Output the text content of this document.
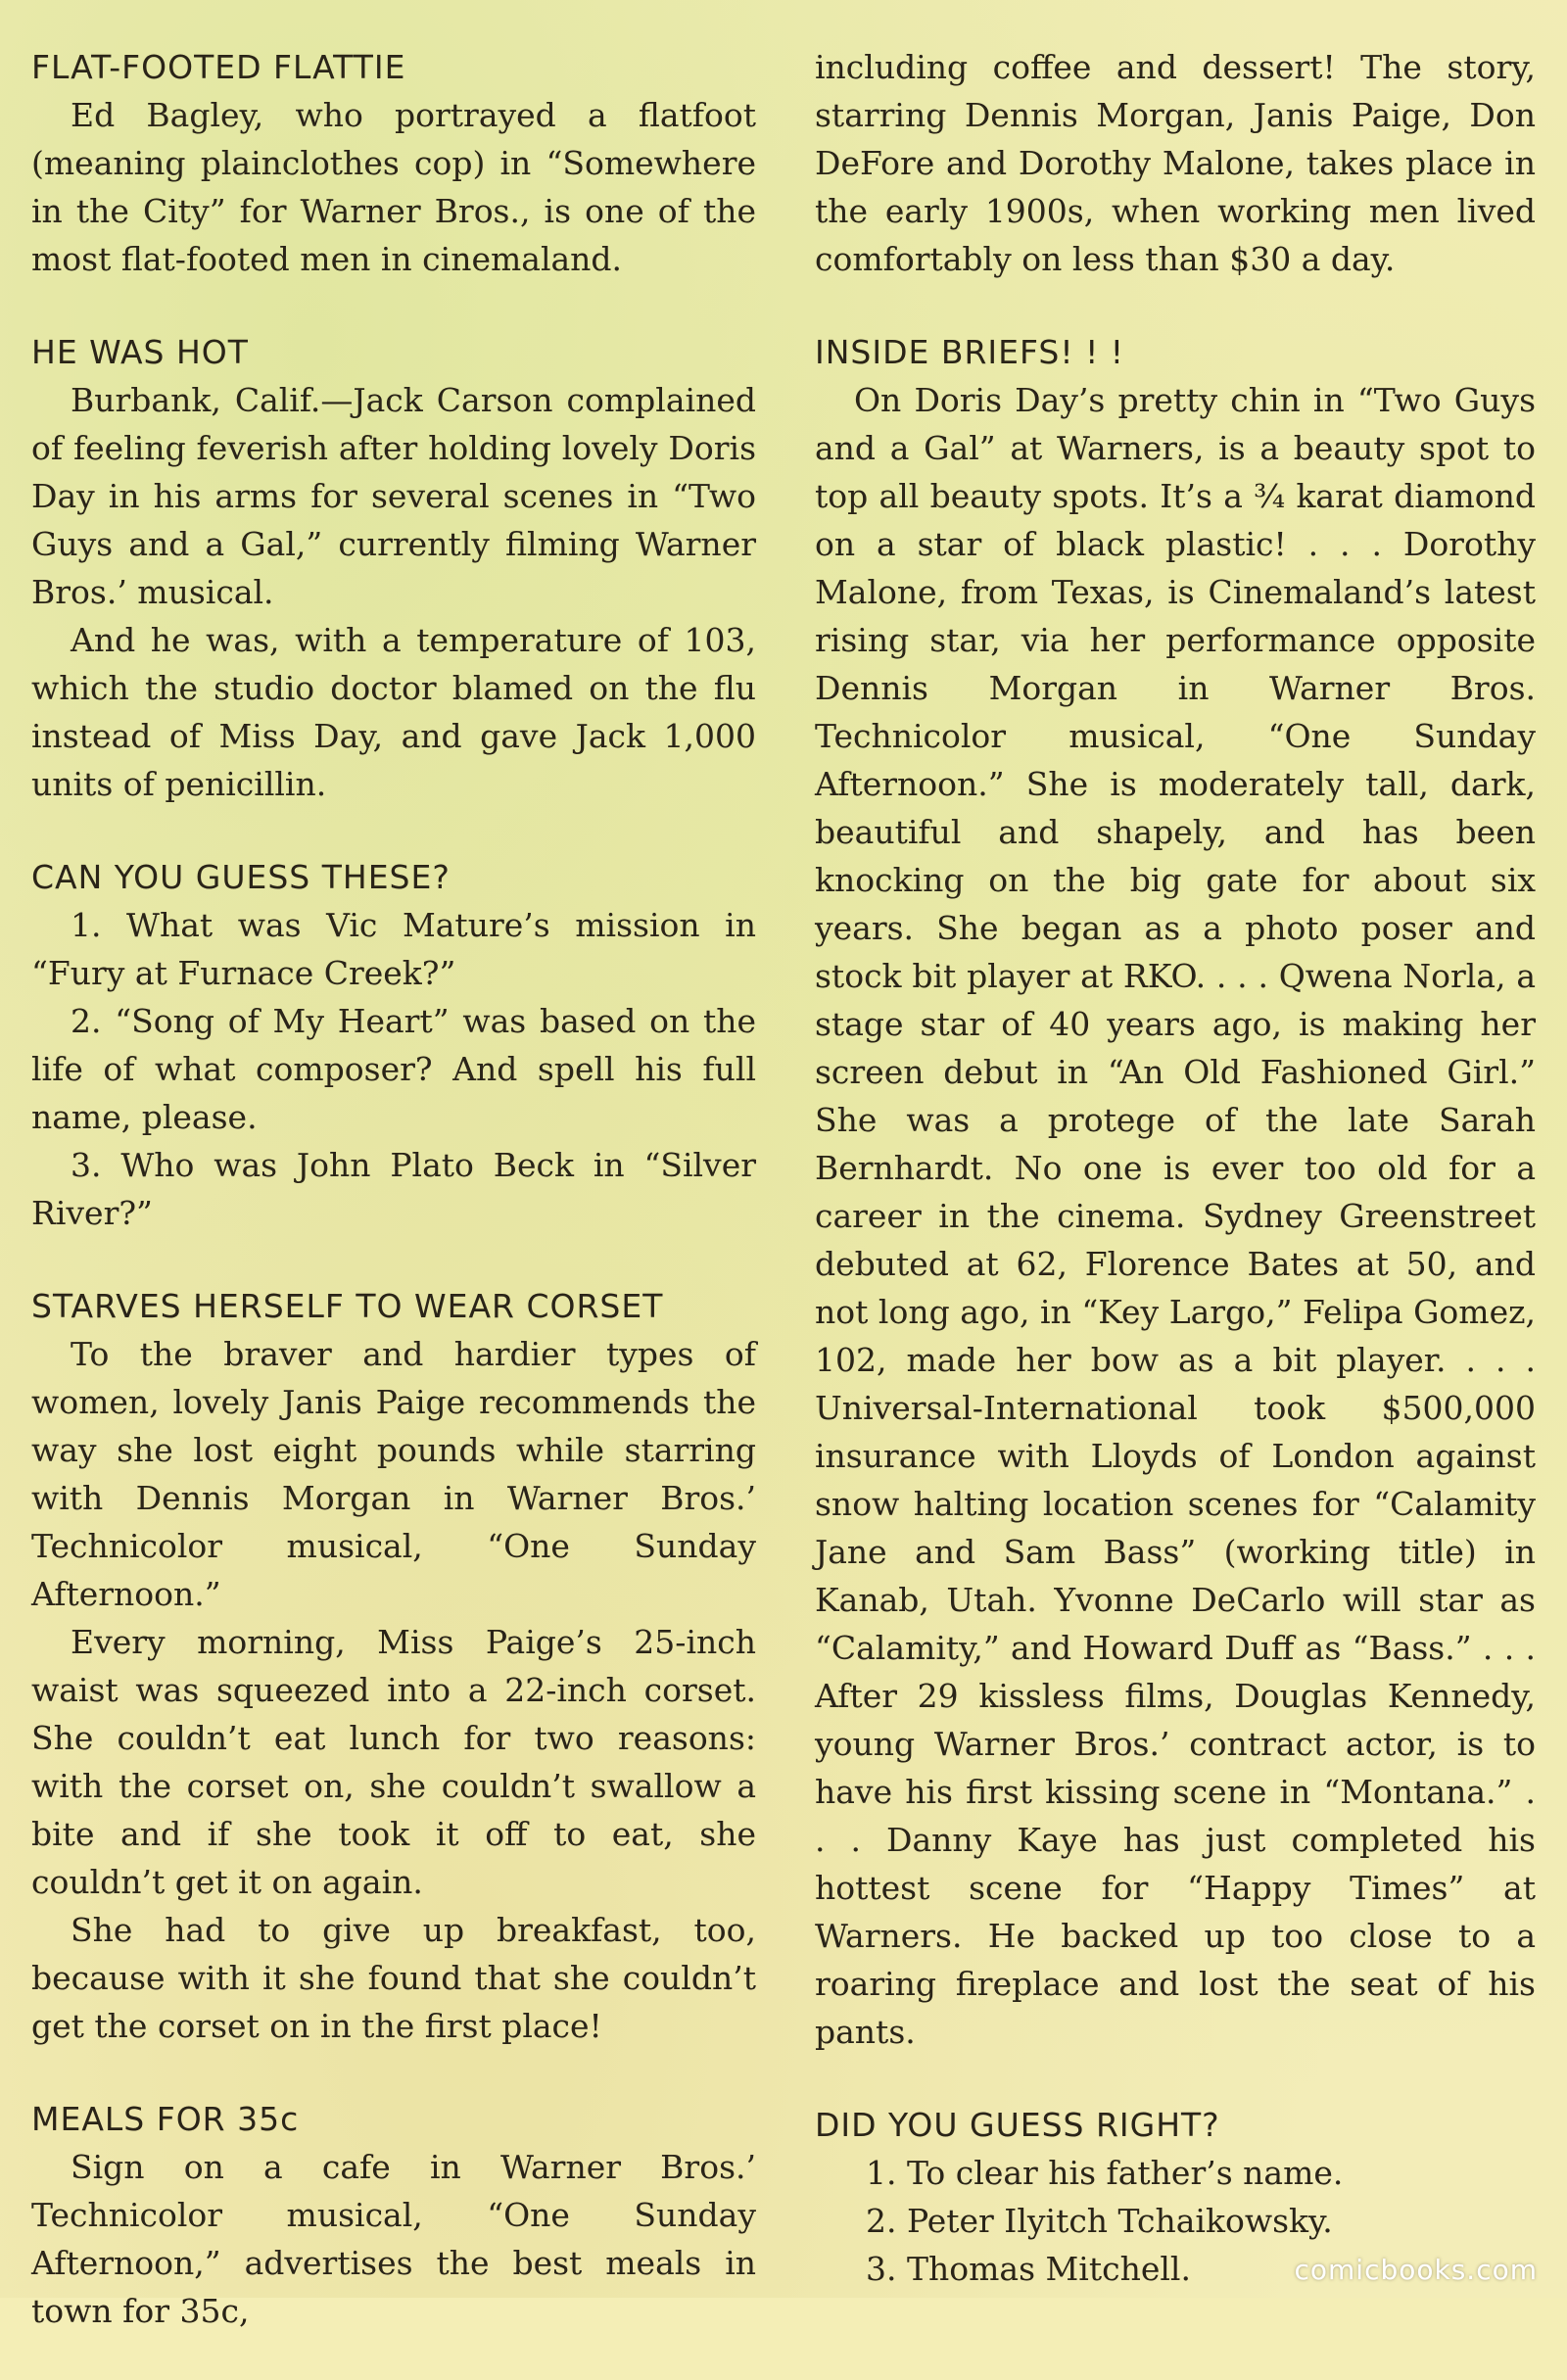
FLAT-FOOTED FLATTIE

Ed Bagley, who portrayed a flatfoot (meaning plainclothes cop) in “Somewhere in the City” for Warner Bros., is one of the most flat-footed men in cinemaland.

HE WAS HOT

Burbank, Calif.—Jack Carson complained of feeling feverish after holding lovely Doris Day in his arms for several scenes in “Two Guys and a Gal,” currently filming Warner Bros.’ musical.

And he was, with a temperature of 103, which the studio doctor blamed on the flu instead of Miss Day, and gave Jack 1,000 units of penicillin.

CAN YOU GUESS THESE?

1. What was Vic Mature’s mission in “Fury at Furnace Creek?”

2. “Song of My Heart” was based on the life of what composer? And spell his full name, please.

3. Who was John Plato Beck in “Silver River?”

STARVES HERSELF TO WEAR CORSET

To the braver and hardier types of women, lovely Janis Paige recommends the way she lost eight pounds while starring with Dennis Morgan in Warner Bros.’ Technicolor musical, “One Sunday Afternoon.”

Every morning, Miss Paige’s 25-inch waist was squeezed into a 22-inch corset. She couldn’t eat lunch for two reasons: with the corset on, she couldn’t swallow a bite and if she took it off to eat, she couldn’t get it on again.

She had to give up breakfast, too, because with it she found that she couldn’t get the corset on in the first place!

MEALS FOR 35c

Sign on a cafe in Warner Bros.’ Technicolor musical, “One Sunday Afternoon,” advertises the best meals in town for 35c,

including coffee and dessert! The story, starring Dennis Morgan, Janis Paige, Don DeFore and Dorothy Malone, takes place in the early 1900s, when working men lived comfortably on less than $30 a day.

INSIDE BRIEFS! ! !

On Doris Day’s pretty chin in “Two Guys and a Gal” at Warners, is a beauty spot to top all beauty spots. It’s a ¾ karat diamond on a star of black plastic! . . . Dorothy Malone, from Texas, is Cinemaland’s latest rising star, via her performance opposite Dennis Morgan in Warner Bros. Technicolor musical, “One Sunday Afternoon.” She is moderately tall, dark, beautiful and shapely, and has been knocking on the big gate for about six years. She began as a photo poser and stock bit player at RKO. . . . Qwena Norla, a stage star of 40 years ago, is making her screen debut in “An Old Fashioned Girl.” She was a protege of the late Sarah Bernhardt. No one is ever too old for a career in the cinema. Sydney Greenstreet debuted at 62, Florence Bates at 50, and not long ago, in “Key Largo,” Felipa Gomez, 102, made her bow as a bit player. . . . Universal-International took $500,000 insurance with Lloyds of London against snow halting location scenes for “Calamity Jane and Sam Bass” (working title) in Kanab, Utah. Yvonne DeCarlo will star as “Calamity,” and Howard Duff as “Bass.” . . . After 29 kissless films, Douglas Kennedy, young Warner Bros.’ contract actor, is to have his first kissing scene in “Montana.” . . . Danny Kaye has just completed his hottest scene for “Happy Times” at Warners. He backed up too close to a roaring fireplace and lost the seat of his pants.

DID YOU GUESS RIGHT?

1. To clear his father’s name.

2. Peter Ilyitch Tchaikowsky.

3. Thomas Mitchell.	comicbooks.com
